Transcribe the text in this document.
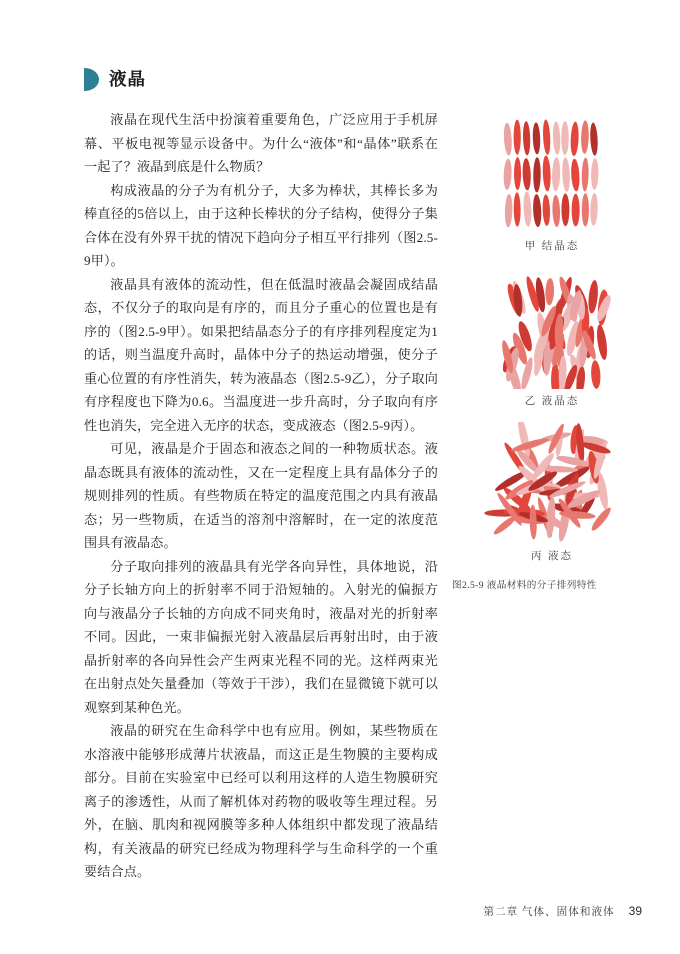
液晶

液晶在现代生活中扮演着重要角色，广泛应用于手机屏幕、平板电视等显示设备中。为什么“液体”和“晶体”联系在一起了？液晶到底是什么物质？

构成液晶的分子为有机分子，大多为棒状，其棒长多为棒直径的5倍以上，由于这种长棒状的分子结构，使得分子集合体在没有外界干扰的情况下趋向分子相互平行排列（图2.5-9甲）。

液晶具有液体的流动性，但在低温时液晶会凝固成结晶态，不仅分子的取向是有序的，而且分子重心的位置也是有序的（图2.5-9甲）。如果把结晶态分子的有序排列程度定为1的话，则当温度升高时，晶体中分子的热运动增强，使分子重心位置的有序性消失，转为液晶态（图2.5-9乙），分子取向有序程度也下降为0.6。当温度进一步升高时，分子取向有序性也消失，完全进入无序的状态，变成液态（图2.5-9丙）。

可见，液晶是介于固态和液态之间的一种物质状态。液晶态既具有液体的流动性，又在一定程度上具有晶体分子的规则排列的性质。有些物质在特定的温度范围之内具有液晶态；另一些物质，在适当的溶剂中溶解时，在一定的浓度范围具有液晶态。

分子取向排列的液晶具有光学各向异性，具体地说，沿分子长轴方向上的折射率不同于沿短轴的。入射光的偏振方向与液晶分子长轴的方向成不同夹角时，液晶对光的折射率不同。因此，一束非偏振光射入液晶层后再射出时，由于液晶折射率的各向异性会产生两束光程不同的光。这样两束光在出射点处矢量叠加（等效于干涉），我们在显微镜下就可以观察到某种色光。

液晶的研究在生命科学中也有应用。例如，某些物质在水溶液中能够形成薄片状液晶，而这正是生物膜的主要构成部分。目前在实验室中已经可以利用这样的人造生物膜研究离子的渗透性，从而了解机体对药物的吸收等生理过程。另外，在脑、肌肉和视网膜等多种人体组织中都发现了液晶结构，有关液晶的研究已经成为物理科学与生命科学的一个重要结合点。

甲 结晶态
乙 液晶态
丙 液态
图2.5-9 液晶材料的分子排列特性
第二章 气体、固体和液体 39
